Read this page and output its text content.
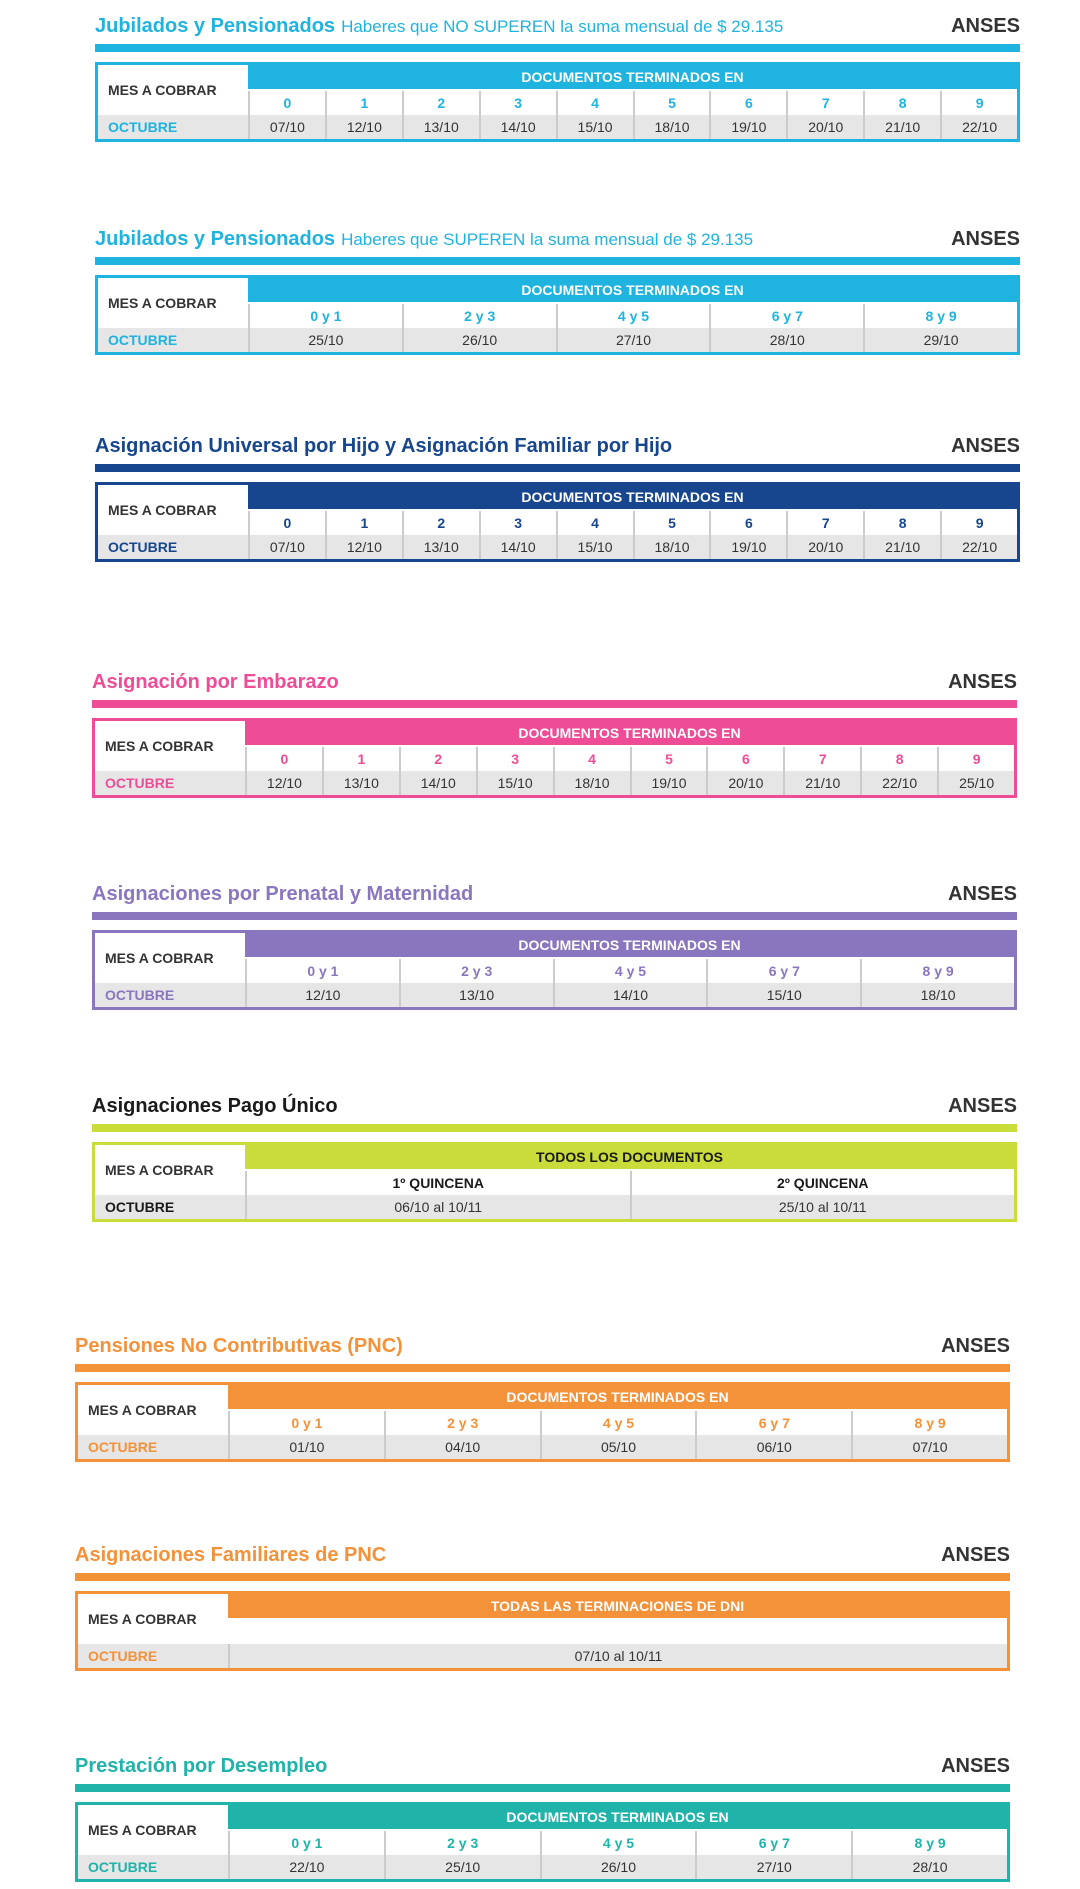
Jubilados y Pensionados Haberes que NO SUPEREN la suma mensual de $ 29.135	ANSES
MES A COBRAR
OCTUBRE
DOCUMENTOS TERMINADOS EN
0	1	2	3	4	5	6	7	8	9
07/10	12/10	13/10	14/10	15/10	18/10	19/10	20/10	21/10	22/10
Jubilados y Pensionados Haberes que SUPEREN la suma mensual de $ 29.135	ANSES
MES A COBRAR
OCTUBRE
DOCUMENTOS TERMINADOS EN
0 y 1	2 y 3	4 y 5	6 y 7	8 y 9
25/10	26/10	27/10	28/10	29/10
Asignación Universal por Hijo y Asignación Familiar por Hijo	ANSES
MES A COBRAR
OCTUBRE
DOCUMENTOS TERMINADOS EN
0	1	2	3	4	5	6	7	8	9
07/10	12/10	13/10	14/10	15/10	18/10	19/10	20/10	21/10	22/10
Asignación por Embarazo	ANSES
MES A COBRAR
OCTUBRE
DOCUMENTOS TERMINADOS EN
0	1	2	3	4	5	6	7	8	9
12/10	13/10	14/10	15/10	18/10	19/10	20/10	21/10	22/10	25/10
Asignaciones por Prenatal y Maternidad	ANSES
MES A COBRAR
OCTUBRE
DOCUMENTOS TERMINADOS EN
0 y 1	2 y 3	4 y 5	6 y 7	8 y 9
12/10	13/10	14/10	15/10	18/10
Asignaciones Pago Único	ANSES
MES A COBRAR
OCTUBRE
TODOS LOS DOCUMENTOS
1º QUINCENA	2º QUINCENA
06/10 al 10/11	25/10 al 10/11
Pensiones No Contributivas (PNC)	ANSES
MES A COBRAR
OCTUBRE
DOCUMENTOS TERMINADOS EN
0 y 1	2 y 3	4 y 5	6 y 7	8 y 9
01/10	04/10	05/10	06/10	07/10
Asignaciones Familiares de PNC	ANSES
MES A COBRAR
OCTUBRE
TODAS LAS TERMINACIONES DE DNI
07/10 al 10/11
Prestación por Desempleo	ANSES
MES A COBRAR
OCTUBRE
DOCUMENTOS TERMINADOS EN
0 y 1	2 y 3	4 y 5	6 y 7	8 y 9
22/10	25/10	26/10	27/10	28/10
